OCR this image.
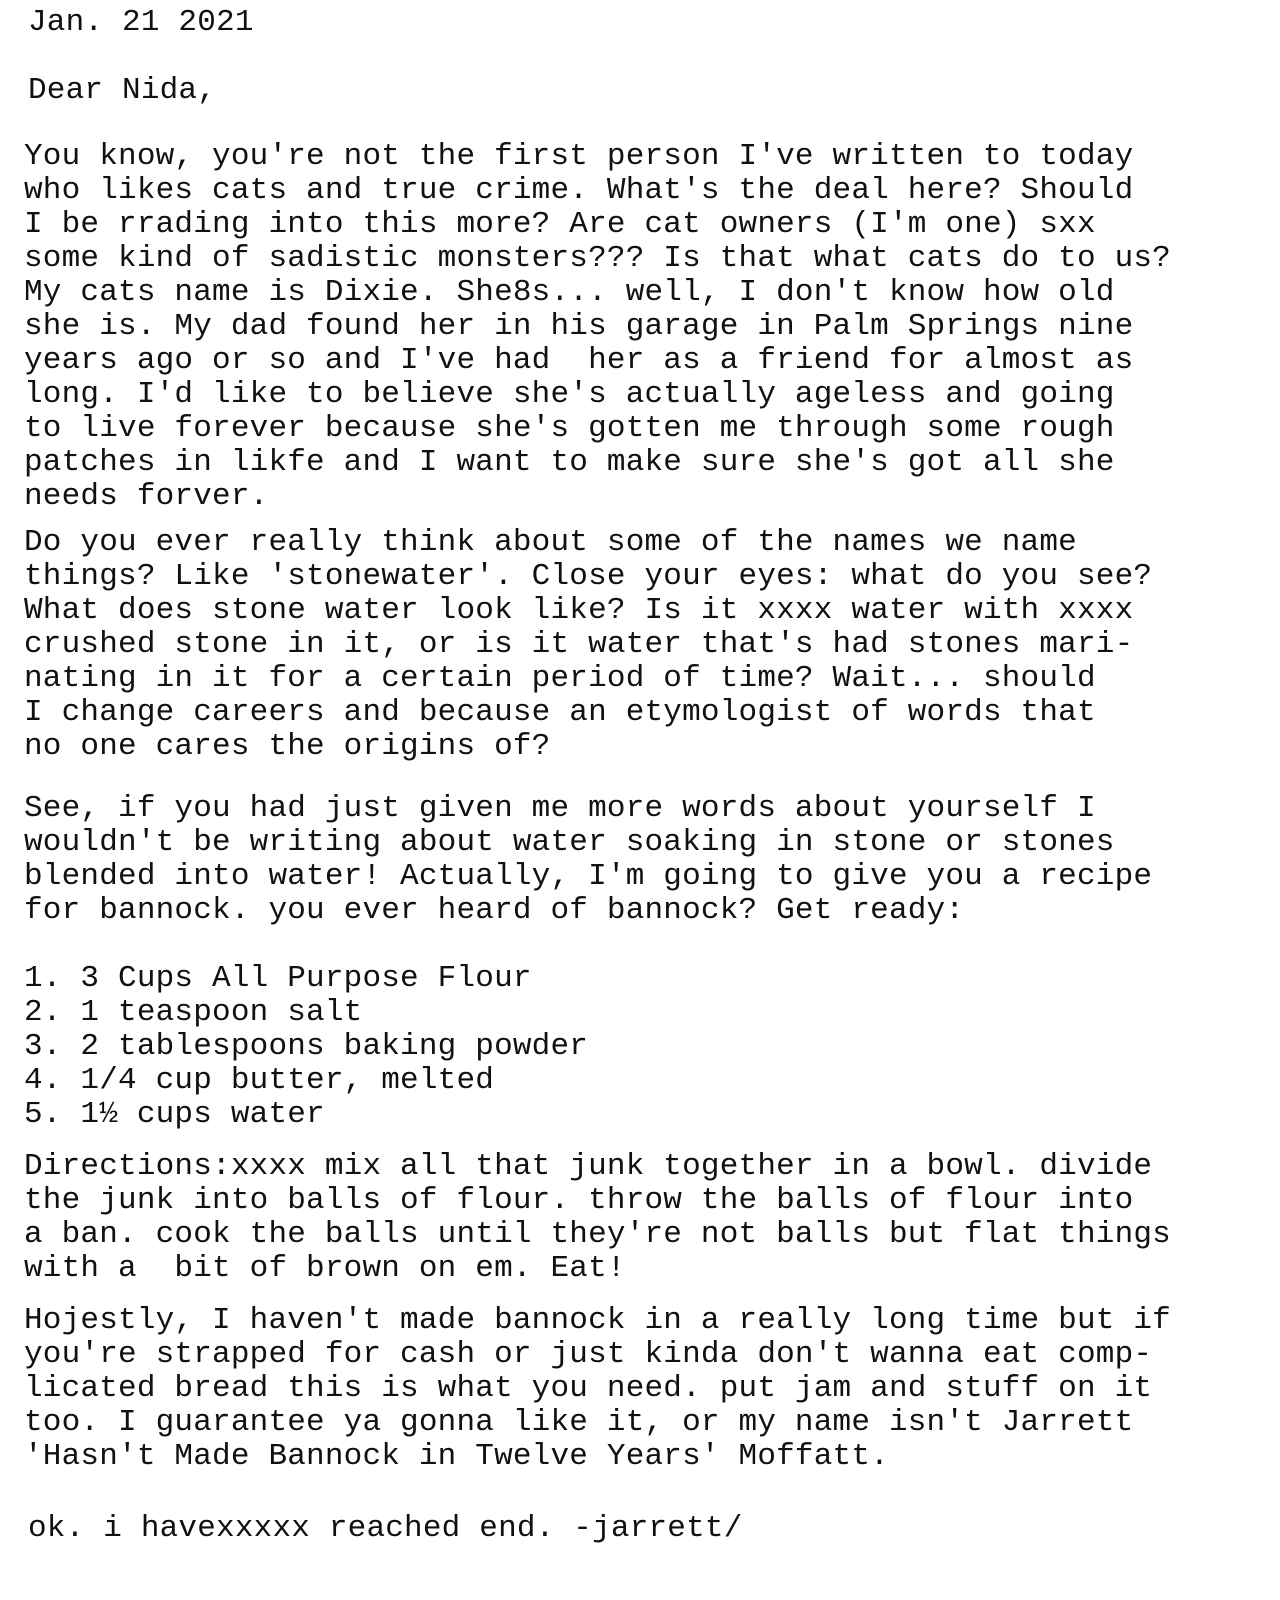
Jan. 21 2021
Dear Nida,
You know, you're not the first person I've written to today
who likes cats and true crime. What's the deal here? Should
I be rrading into this more? Are cat owners (I'm one) sxx
some kind of sadistic monsters??? Is that what cats do to us?
My cats name is Dixie. She8s... well, I don't know how old
she is. My dad found her in his garage in Palm Springs nine
years ago or so and I've had  her as a friend for almost as
long. I'd like to believe she's actually ageless and going
to live forever because she's gotten me through some rough
patches in likfe and I want to make sure she's got all she
needs forver.
Do you ever really think about some of the names we name
things? Like 'stonewater'. Close your eyes: what do you see?
What does stone water look like? Is it xxxx water with xxxx
crushed stone in it, or is it water that's had stones mari-
nating in it for a certain period of time? Wait... should
I change careers and because an etymologist of words that
no one cares the origins of?
See, if you had just given me more words about yourself I
wouldn't be writing about water soaking in stone or stones
blended into water! Actually, I'm going to give you a recipe
for bannock. you ever heard of bannock? Get ready:
1. 3 Cups All Purpose Flour
2. 1 teaspoon salt
3. 2 tablespoons baking powder
4. 1/4 cup butter, melted
5. 1½ cups water
Directions:xxxx mix all that junk together in a bowl. divide
the junk into balls of flour. throw the balls of flour into
a ban. cook the balls until they're not balls but flat things
with a  bit of brown on em. Eat!
Hojestly, I haven't made bannock in a really long time but if
you're strapped for cash or just kinda don't wanna eat comp-
licated bread this is what you need. put jam and stuff on it
too. I guarantee ya gonna like it, or my name isn't Jarrett
'Hasn't Made Bannock in Twelve Years' Moffatt.
ok. i havexxxxx reached end. -jarrett/
